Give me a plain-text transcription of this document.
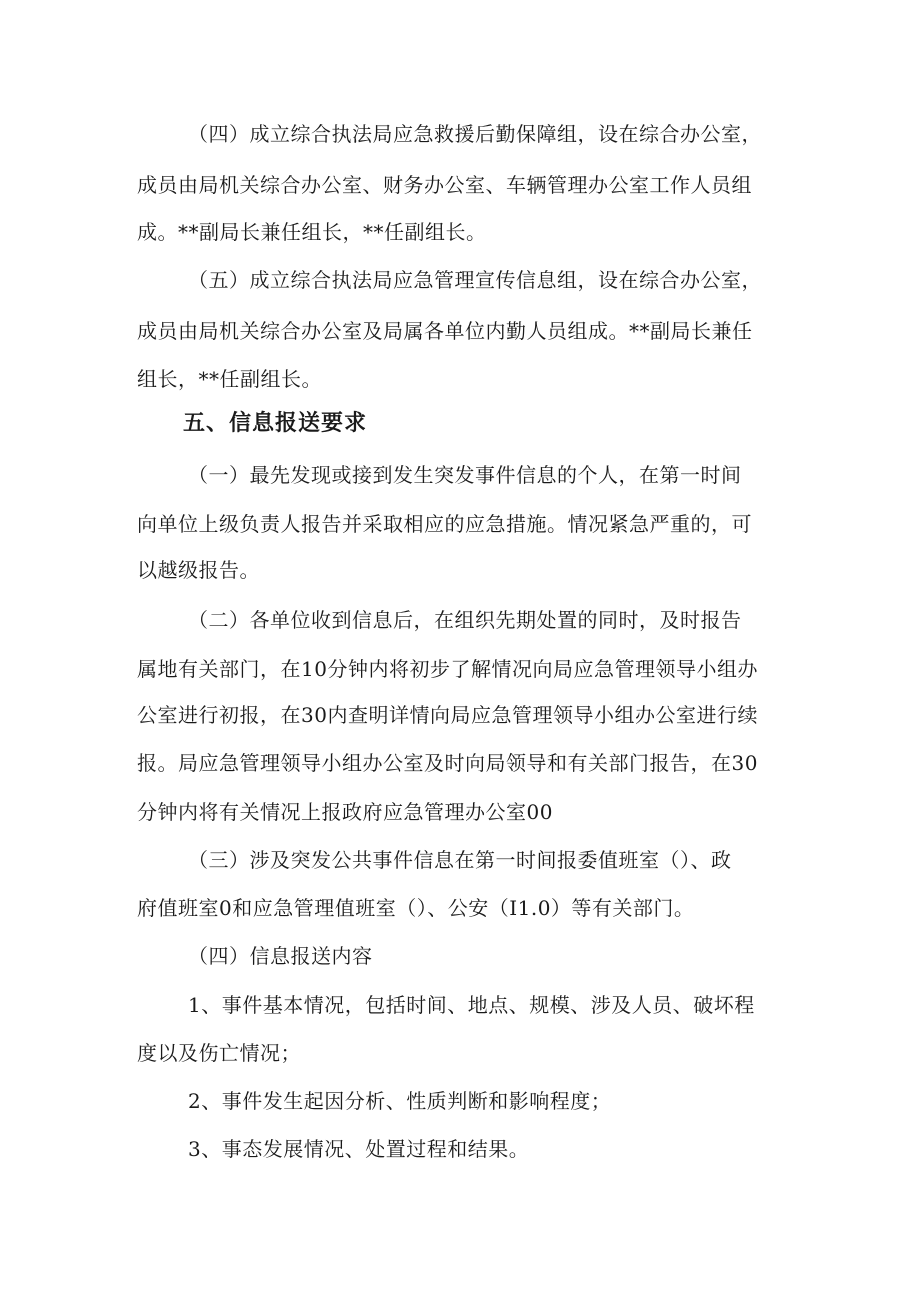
（四）成立综合执法局应急救援后勤保障组，设在综合办公室，
成员由局机关综合办公室、财务办公室、车辆管理办公室工作人员组
成。**副局长兼任组长，**任副组长。
（五）成立综合执法局应急管理宣传信息组，设在综合办公室，
成员由局机关综合办公室及局属各单位内勤人员组成。**副局长兼任
组长，**任副组长。
五、信息报送要求
（一）最先发现或接到发生突发事件信息的个人，在第一时间
向单位上级负责人报告并采取相应的应急措施。情况紧急严重的，可
以越级报告。
（二）各单位收到信息后，在组织先期处置的同时，及时报告
属地有关部门，在10分钟内将初步了解情况向局应急管理领导小组办
公室进行初报，在30内查明详情向局应急管理领导小组办公室进行续
报。局应急管理领导小组办公室及时向局领导和有关部门报告，在30
分钟内将有关情况上报政府应急管理办公室00
（三）涉及突发公共事件信息在第一时间报委值班室（）、政
府值班室0和应急管理值班室（）、公安（I1.0）等有关部门。
（四）信息报送内容
1、事件基本情况，包括时间、地点、规模、涉及人员、破坏程
度以及伤亡情况；
2、事件发生起因分析、性质判断和影响程度；
3、事态发展情况、处置过程和结果。
